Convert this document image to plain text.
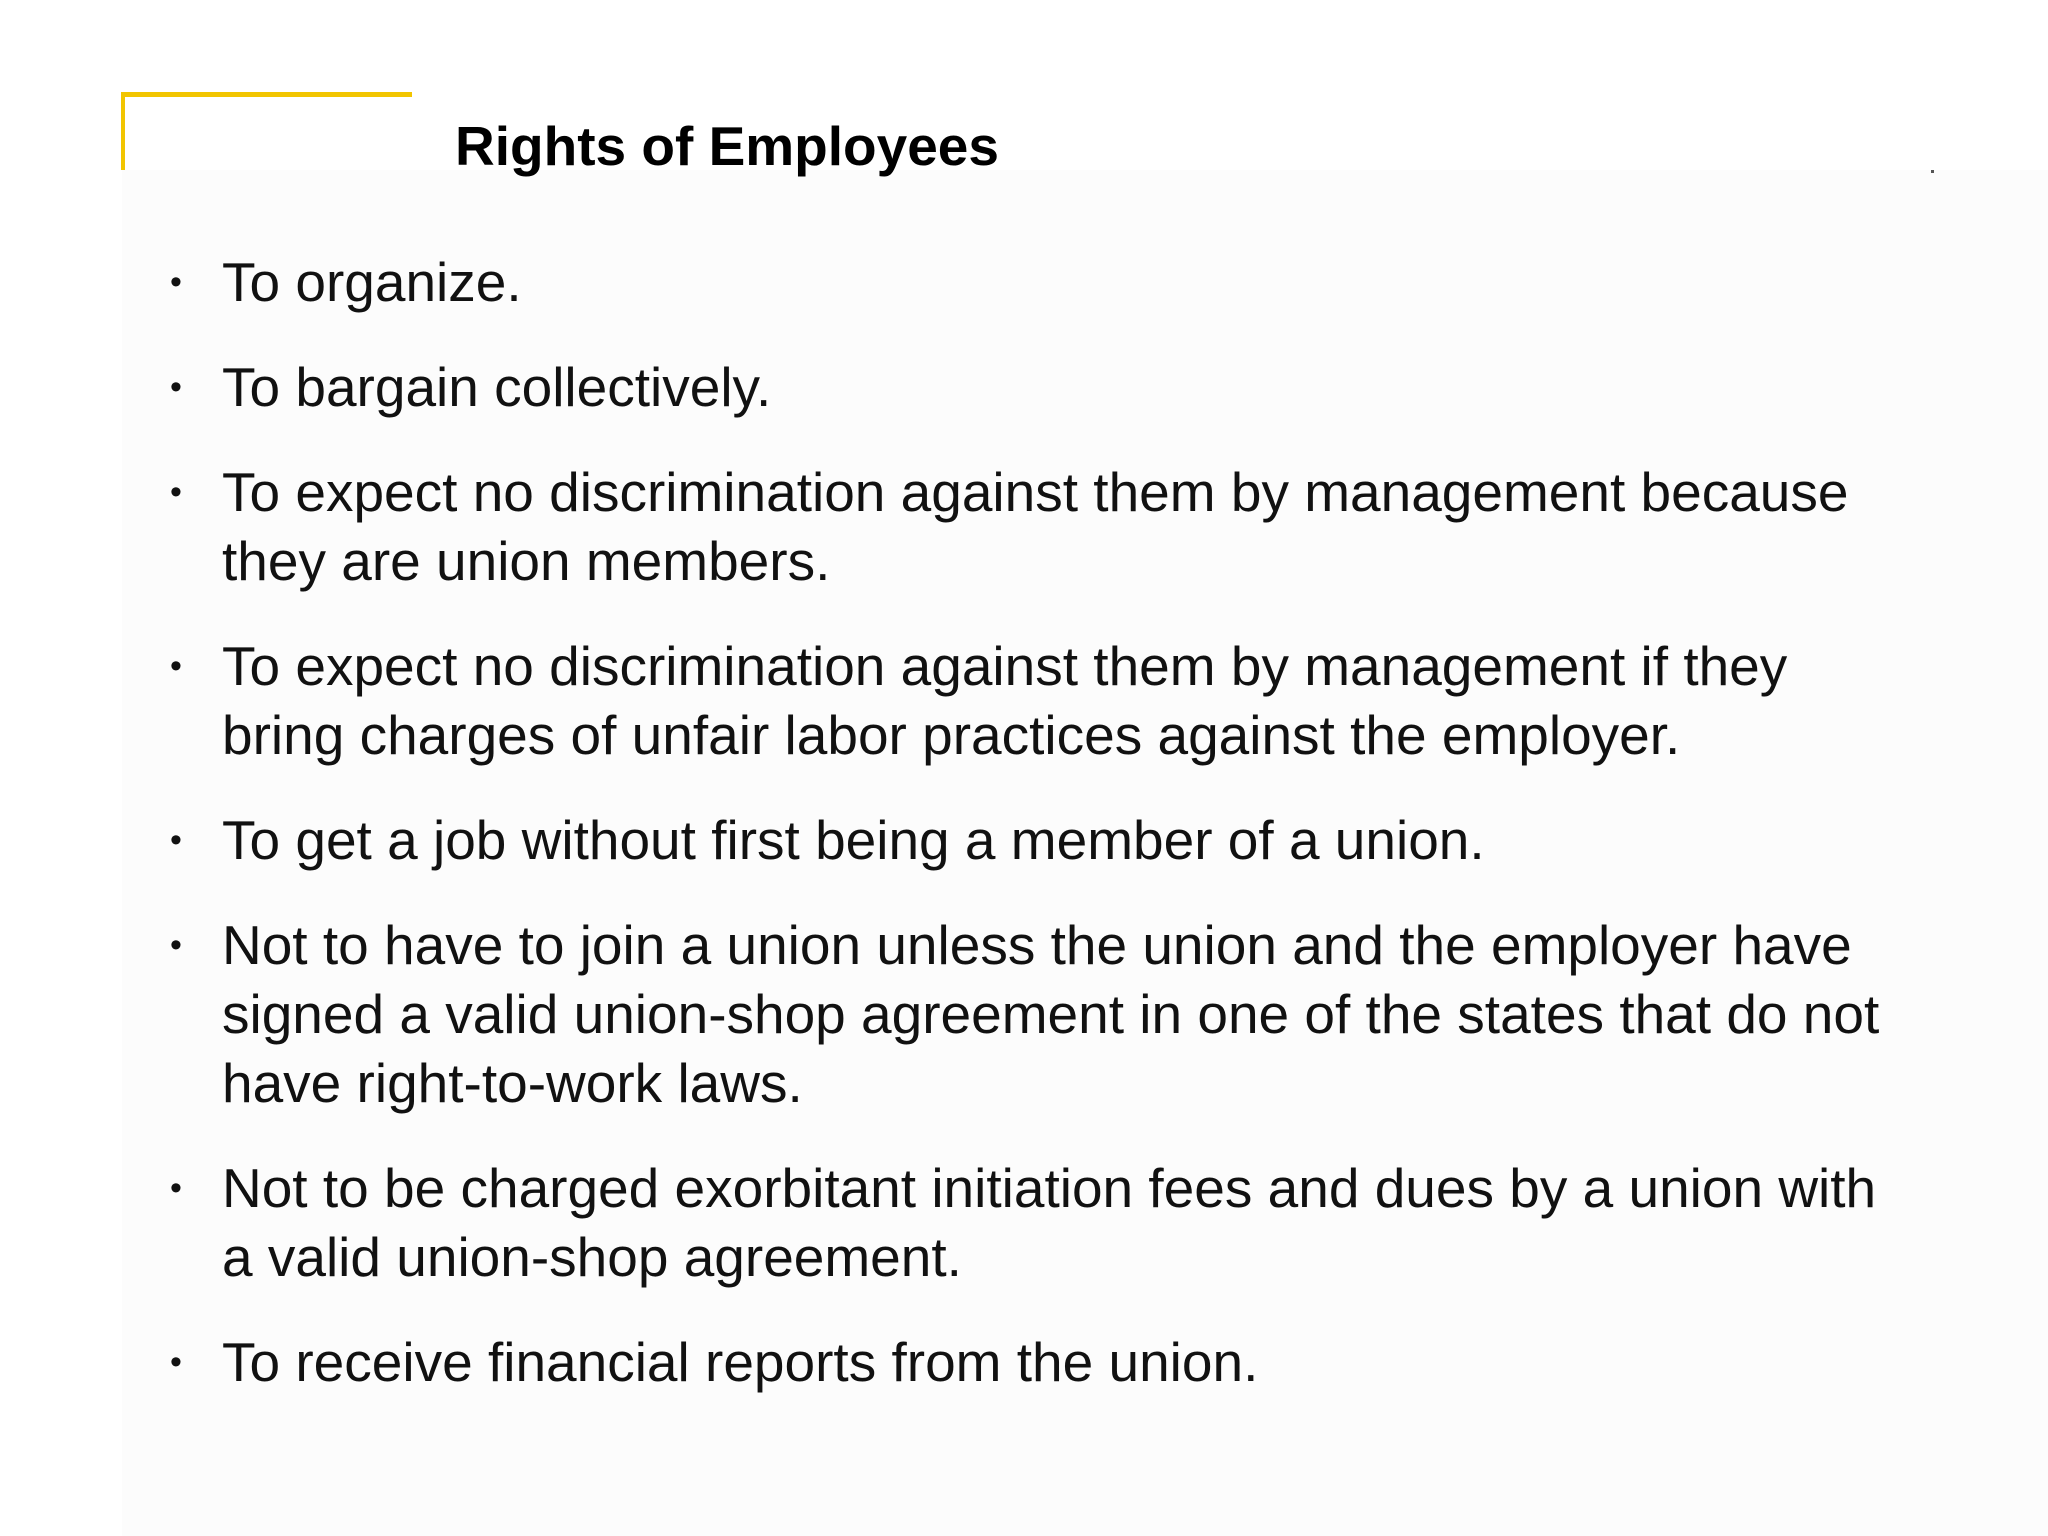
Rights of Employees
• To organize.
• To bargain collectively.
• To expect no discrimination against them by management because they are union members.
• To expect no discrimination against them by management if they bring charges of unfair labor practices against the employer.
• To get a job without first being a member of a union.
• Not to have to join a union unless the union and the employer have signed a valid union-shop agreement in one of the states that do not have right-to-work laws.
• Not to be charged exorbitant initiation fees and dues by a union with a valid union-shop agreement.
• To receive financial reports from the union.
